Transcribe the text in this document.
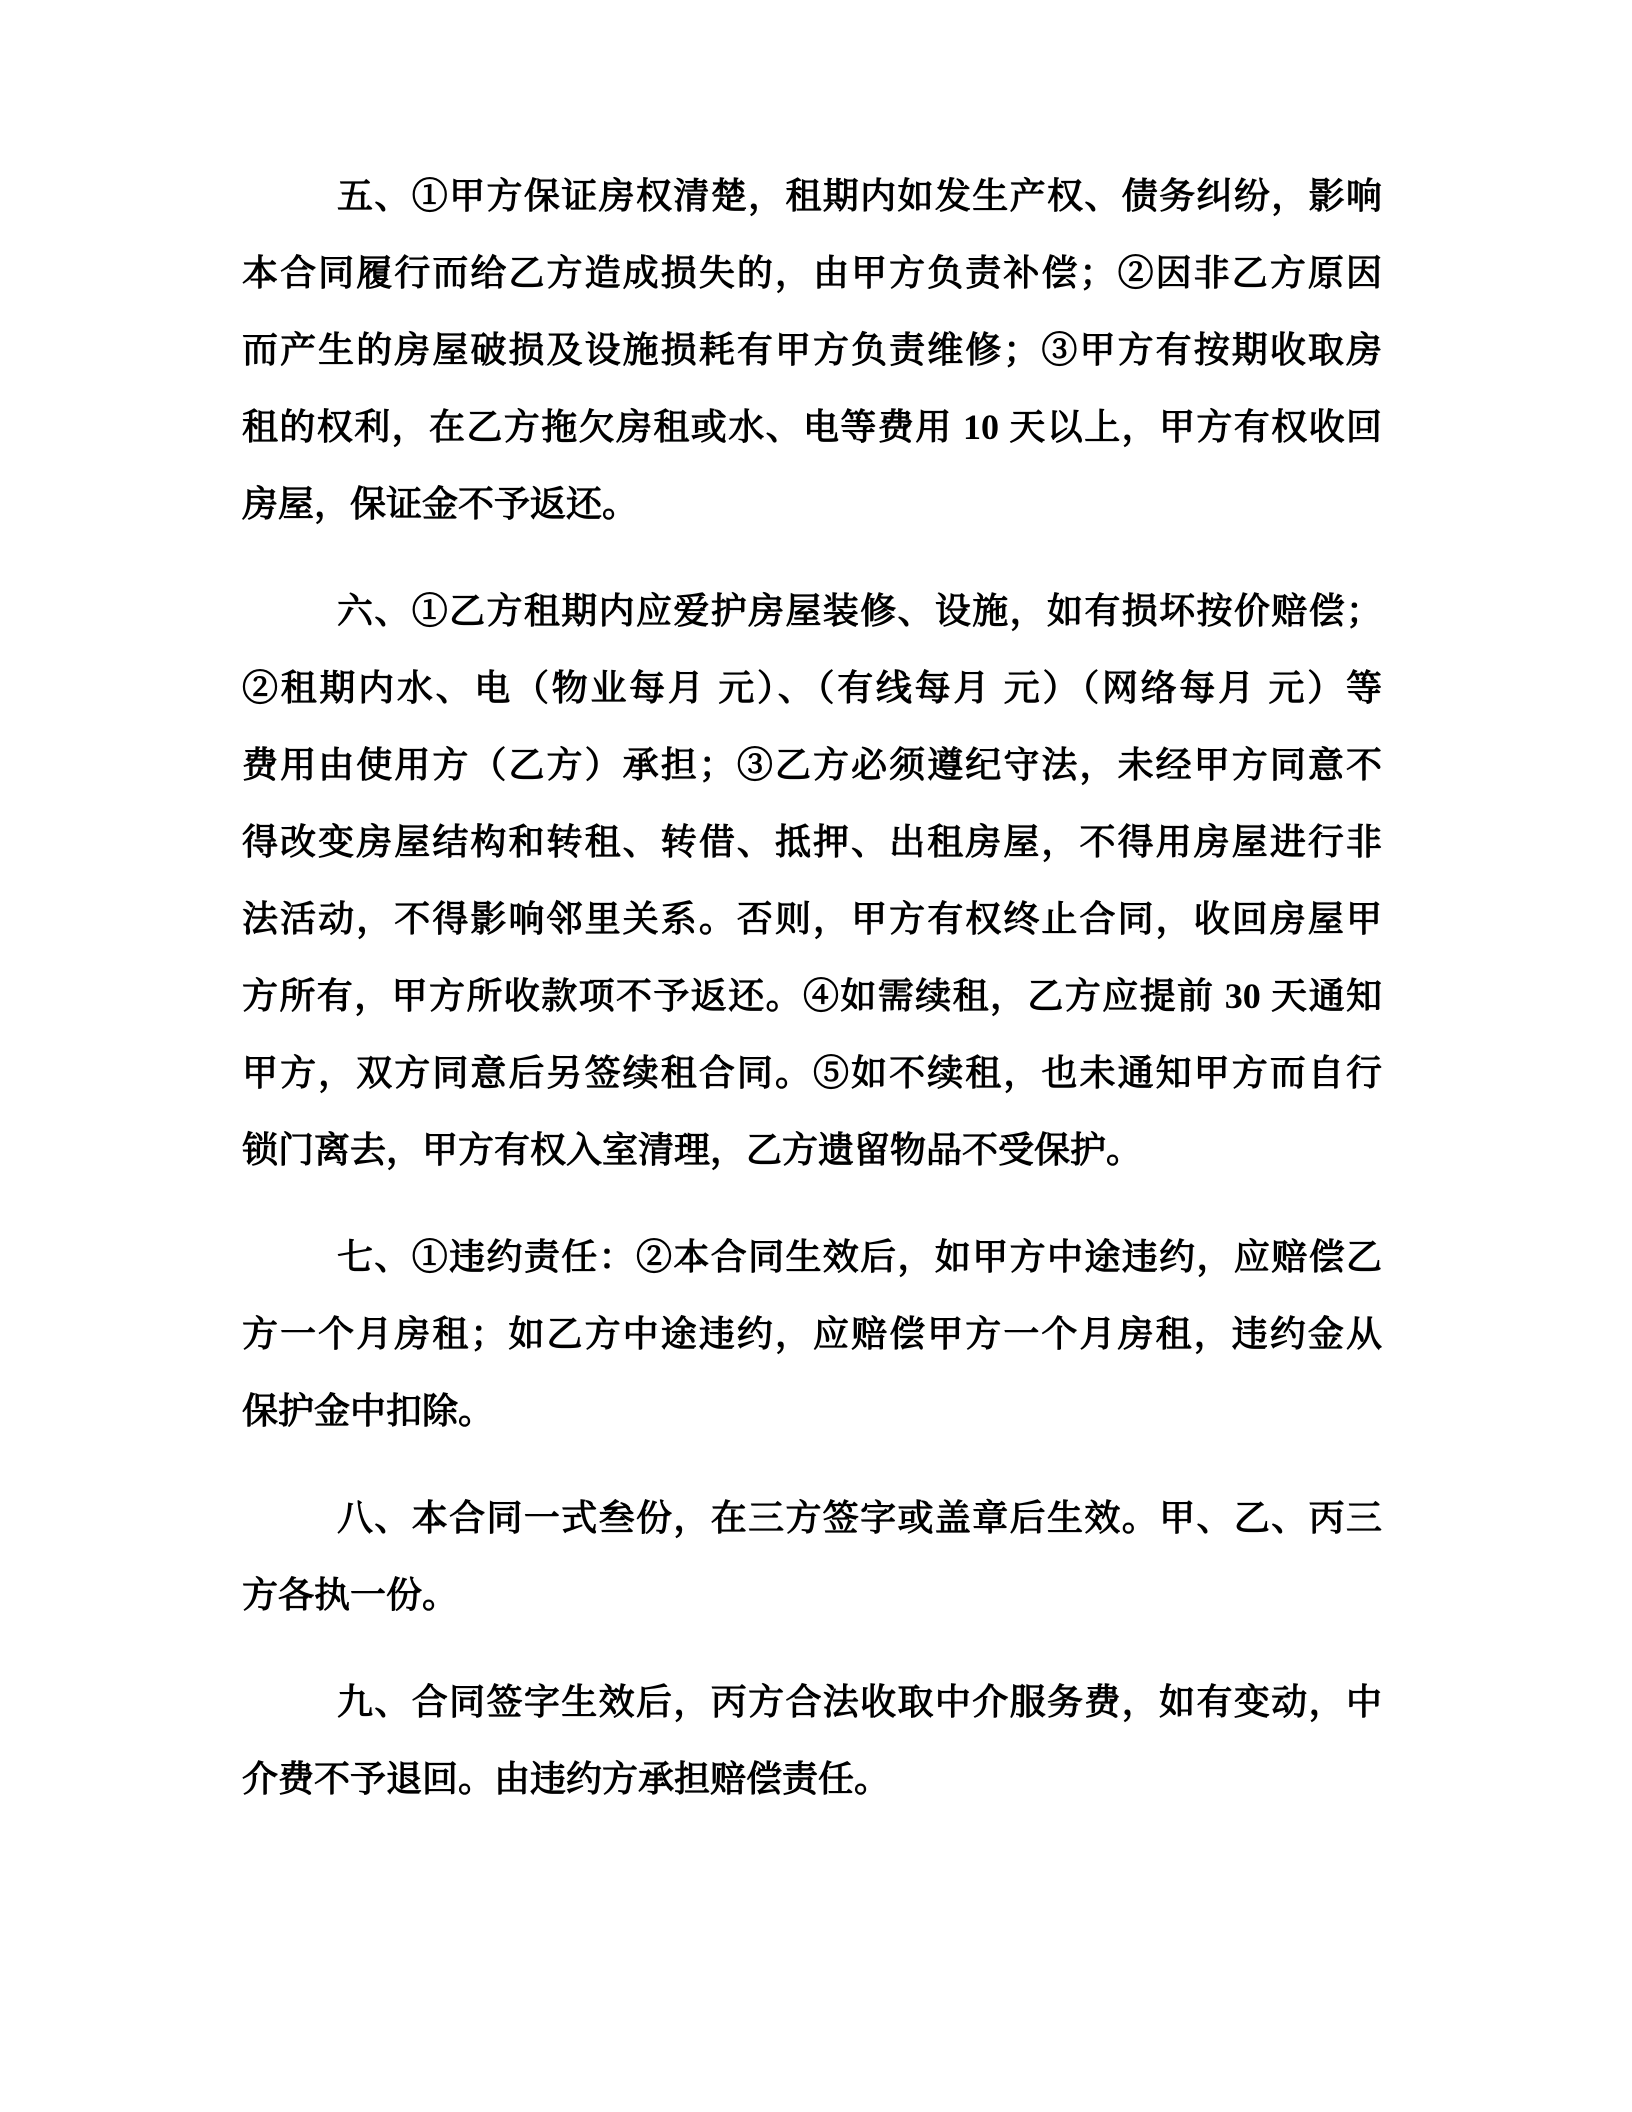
五、①甲方保证房权清楚，租期内如发生产权、债务纠纷，影响
本合同履行而给乙方造成损失的，由甲方负责补偿；②因非乙方原因
而产生的房屋破损及设施损耗有甲方负责维修；③甲方有按期收取房
租的权利，在乙方拖欠房租或水、电等费用 10 天以上，甲方有权收回
房屋，保证金不予返还。
六、①乙方租期内应爱护房屋装修、设施，如有损坏按价赔偿；
②租期内水、电（物业每月 元）、（有线每月 元）（网络每月 元）等
费用由使用方（乙方）承担；③乙方必须遵纪守法，未经甲方同意不
得改变房屋结构和转租、转借、抵押、出租房屋，不得用房屋进行非
法活动，不得影响邻里关系。否则，甲方有权终止合同，收回房屋甲
方所有，甲方所收款项不予返还。④如需续租，乙方应提前 30 天通知
甲方，双方同意后另签续租合同。⑤如不续租，也未通知甲方而自行
锁门离去，甲方有权入室清理，乙方遗留物品不受保护。
七、①违约责任：②本合同生效后，如甲方中途违约，应赔偿乙
方一个月房租；如乙方中途违约，应赔偿甲方一个月房租，违约金从
保护金中扣除。
八、本合同一式叁份，在三方签字或盖章后生效。甲、乙、丙三
方各执一份。
九、合同签字生效后，丙方合法收取中介服务费，如有变动，中
介费不予退回。由违约方承担赔偿责任。
